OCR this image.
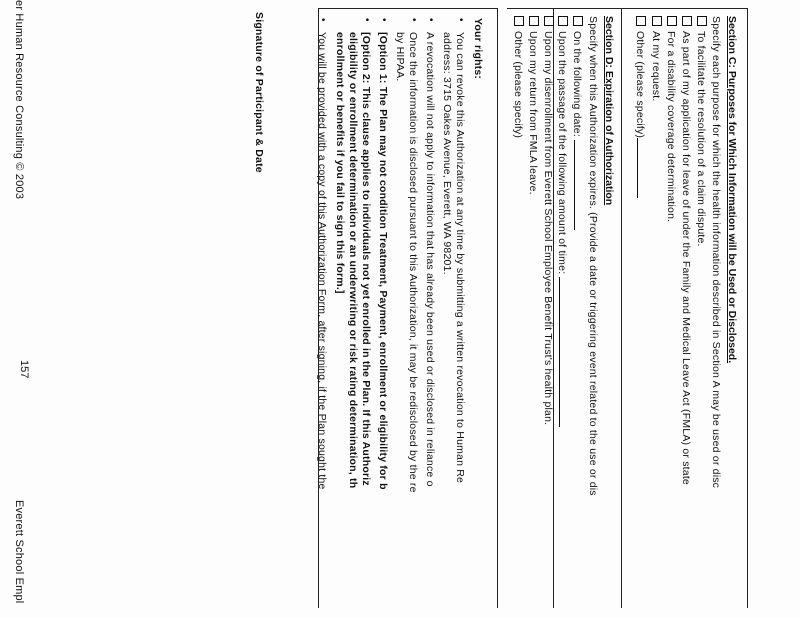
Section C: Purposes for Which Information will be Used or Disclosed.
Specify each purpose for which the health information described in Section A may be used or disc
To facilitate the resolution of a claim dispute.
As part of my application for leave of under the Family and Medical Leave Act (FMLA) or state
For a disability coverage determination.
At my request.
Other (please specify)
Section D: Expiration of Authorization
Specify when this Authorization expires. (Provide a date or triggering event related to the use or dis
On the following date:
Upon the passage of the following amount of time:
Upon my disenrollment from Everett School Employee Benefit Trust's health plan.
Upon my return from FMLA leave.
Other (please specify)
Your rights:
•
You can revoke this Authorization at any time by submitting a written revocation to Human Re
address: 3715 Oakes Avenue, Everett, WA 98201.
•
A revocation will not apply to information that has already been used or disclosed in reliance o
•
Once the information is disclosed pursuant to this Authorization, it may be redisclosed by the re
by HIPAA.
•
[Option 1: The Plan may not condition Treatment, Payment, enrollment or eligibility for b
•
[Option 2: This clause applies to individuals not yet enrolled in the Plan. If this Authoriz
eligibility or enrollment determination or an underwriting or risk rating determination, th
enrollment or benefits if you fail to sign this form.]
•
You will be provided with a copy of this Authorization Form, after signing, if the Plan sought the
Signature of Participant & Date
er Human Resource Consulting © 2003
157
Everett School Empl
